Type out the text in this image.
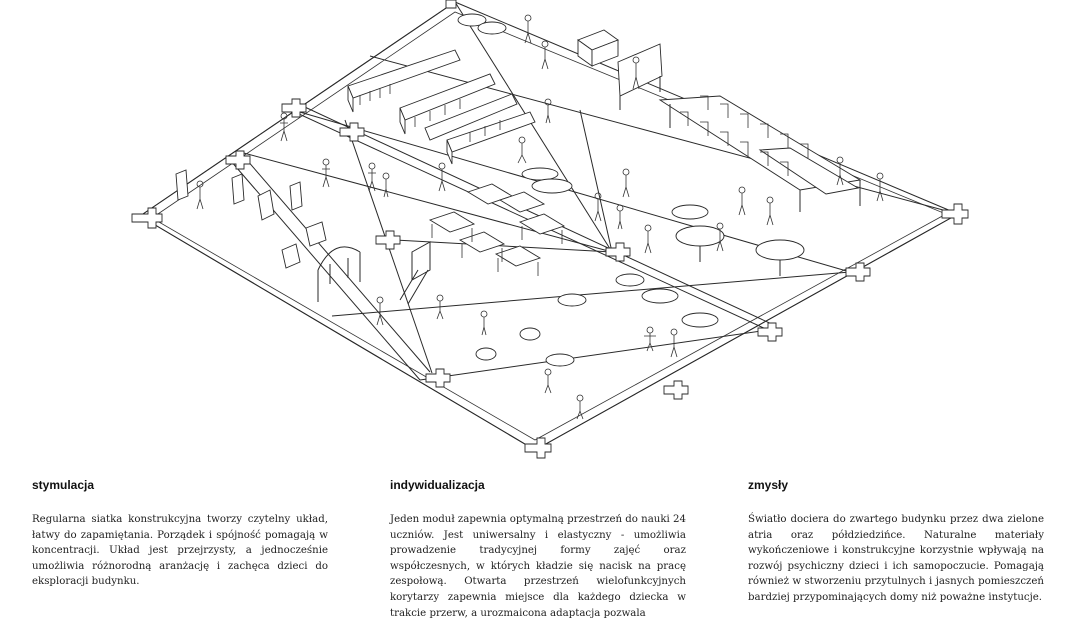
stymulacja

Regularna siatka konstrukcyjna tworzy czytelny układ, łatwy do zapamiętania. Porządek i spójność pomagają w koncentracji. Układ jest przejrzysty, a jednocześnie umożliwia różnorodną aranżację i zachęca dzieci do eksploracji budynku.

indywidualizacja

Jeden moduł zapewnia optymalną przestrzeń do nauki 24 uczniów. Jest uniwersalny i elastyczny - umożliwia prowadzenie tradycyjnej formy zajęć oraz współczesnych, w których kładzie się nacisk na pracę zespołową. Otwarta przestrzeń wielofunkcyjnych korytarzy zapewnia miejsce dla każdego dziecka w trakcie przerw, a urozmaicona adaptacja pozwala

zmysły

Światło dociera do zwartego budynku przez dwa zielone atria oraz półdziedzińce. Naturalne materiały wykończeniowe i konstrukcyjne korzystnie wpływają na rozwój psychiczny dzieci i ich samopoczucie. Pomagają również w stworzeniu przytulnych i jasnych pomieszczeń bardziej przypominających domy niż poważne instytucje.
